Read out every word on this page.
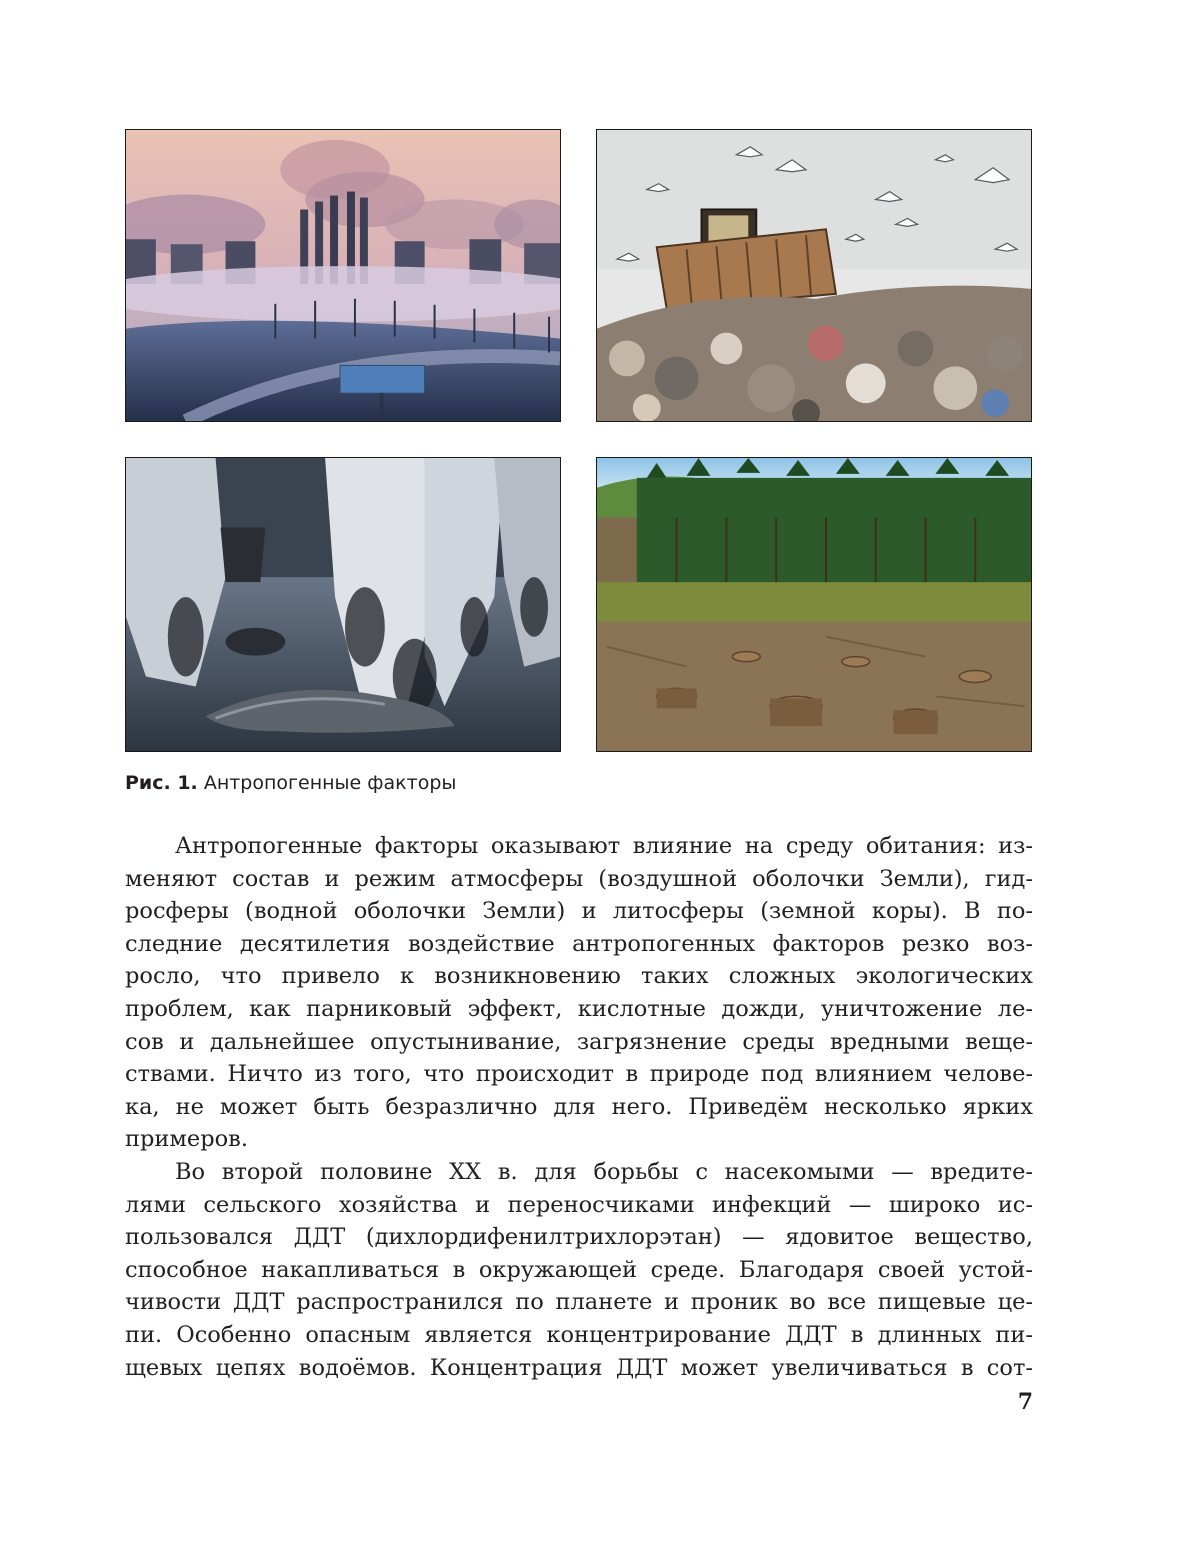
Рис. 1. Антропогенные факторы
Антропогенные факторы оказывают влияние на среду обитания: из-
меняют состав и режим атмосферы (воздушной оболочки Земли), гид-
росферы (водной оболочки Земли) и литосферы (земной коры). В по-
следние десятилетия воздействие антропогенных факторов резко воз-
росло, что привело к возникновению таких сложных экологических
проблем, как парниковый эффект, кислотные дожди, уничтожение ле-
сов и дальнейшее опустынивание, загрязнение среды вредными веще-
ствами. Ничто из того, что происходит в природе под влиянием челове-
ка, не может быть безразлично для него. Приведём несколько ярких
примеров.
Во второй половине XX в. для борьбы с насекомыми — вредите-
лями сельского хозяйства и переносчиками инфекций — широко ис-
пользовался ДДТ (дихлордифенилтрихлорэтан) — ядовитое вещество,
способное накапливаться в окружающей среде. Благодаря своей устой-
чивости ДДТ распространился по планете и проник во все пищевые це-
пи. Особенно опасным является концентрирование ДДТ в длинных пи-
щевых цепях водоёмов. Концентрация ДДТ может увеличиваться в сот-
7
